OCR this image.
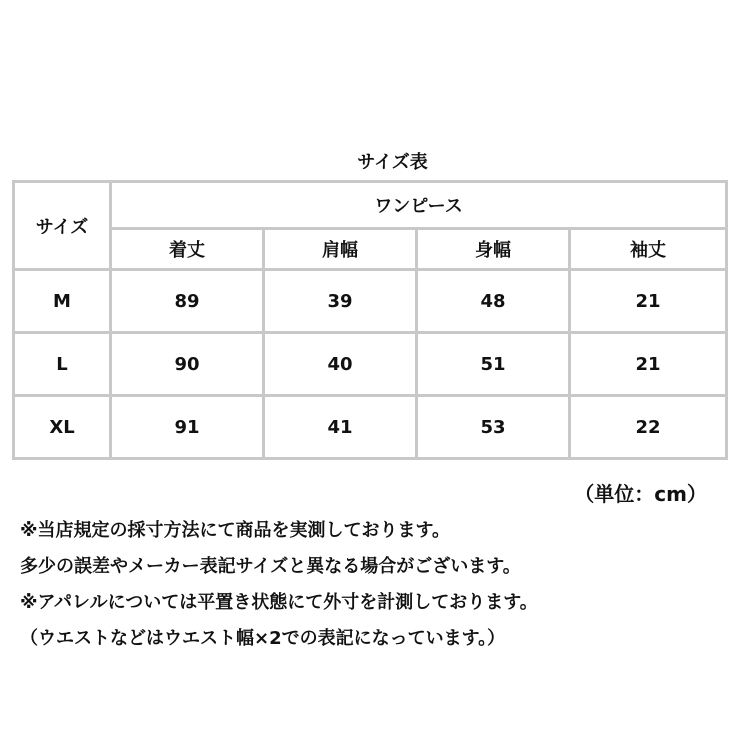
サイズ表
サイズ	ワンピース			
	着丈	肩幅	身幅	袖丈
M	89	39	48	21
L	90	40	51	21
XL	91	41	53	22
（単位：cm）
※当店規定の採寸方法にて商品を実測しております。
多少の誤差やメーカー表記サイズと異なる場合がございます。
※アパレルについては平置き状態にて外寸を計測しております。
（ウエストなどはウエスト幅×2での表記になっています。）
